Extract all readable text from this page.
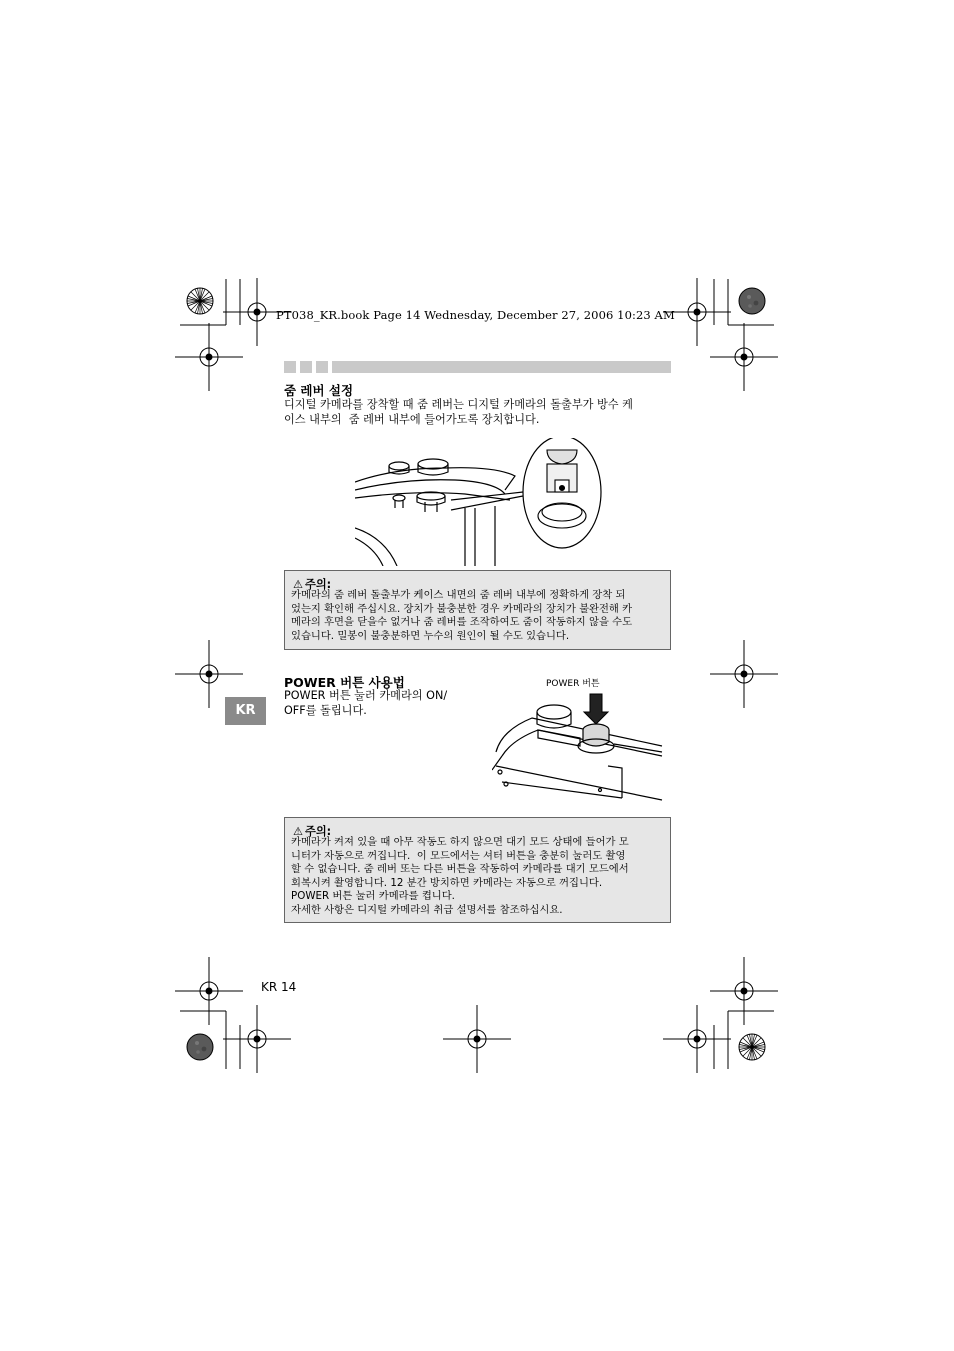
PT038_KR.book Page 14 Wednesday, December 27, 2006 10:23 AM
줌 레버 설정
디지털 카메라를 장착할 때 줌 레버는 디지털 카메라의 돌출부가 방수 케
이스 내부의  줌 레버 내부에 들어가도록 장치합니다.
⚠ 주의:
카메라의 줌 레버 돌출부가 케이스 내면의 줌 레버 내부에 정확하게 장착 되
었는지 확인해 주십시요. 장치가 불충분한 경우 카메라의 장치가 불완전해 카
메라의 후면을 닫을수 없거나 줌 레버를 조작하여도 줌이 작동하지 않을 수도
있습니다. 밀봉이 불충분하면 누수의 원인이 될 수도 있습니다.
KR
POWER 버튼 사용법
POWER 버튼 눌러 카메라의 ON/
OFF를 돌립니다.
POWER 버튼
⚠ 주의:
카메라가 켜져 있을 때 아무 작동도 하지 않으면 대기 모드 상태에 들어가 모
니터가 자동으로 꺼집니다.  이 모드에서는 셔터 버튼을 충분히 눌러도 촬영
할 수 없습니다. 줌 레버 또는 다른 버튼을 작동하여 카메라를 대기 모드에서
회복시켜 촬영합니다. 12 분간 방치하면 카메라는 자동으로 꺼집니다.
POWER 버튼 눌러 카메라를 켭니다.
자세한 사항은 디지털 카메라의 취급 설명서를 참조하십시요.
KR 14
